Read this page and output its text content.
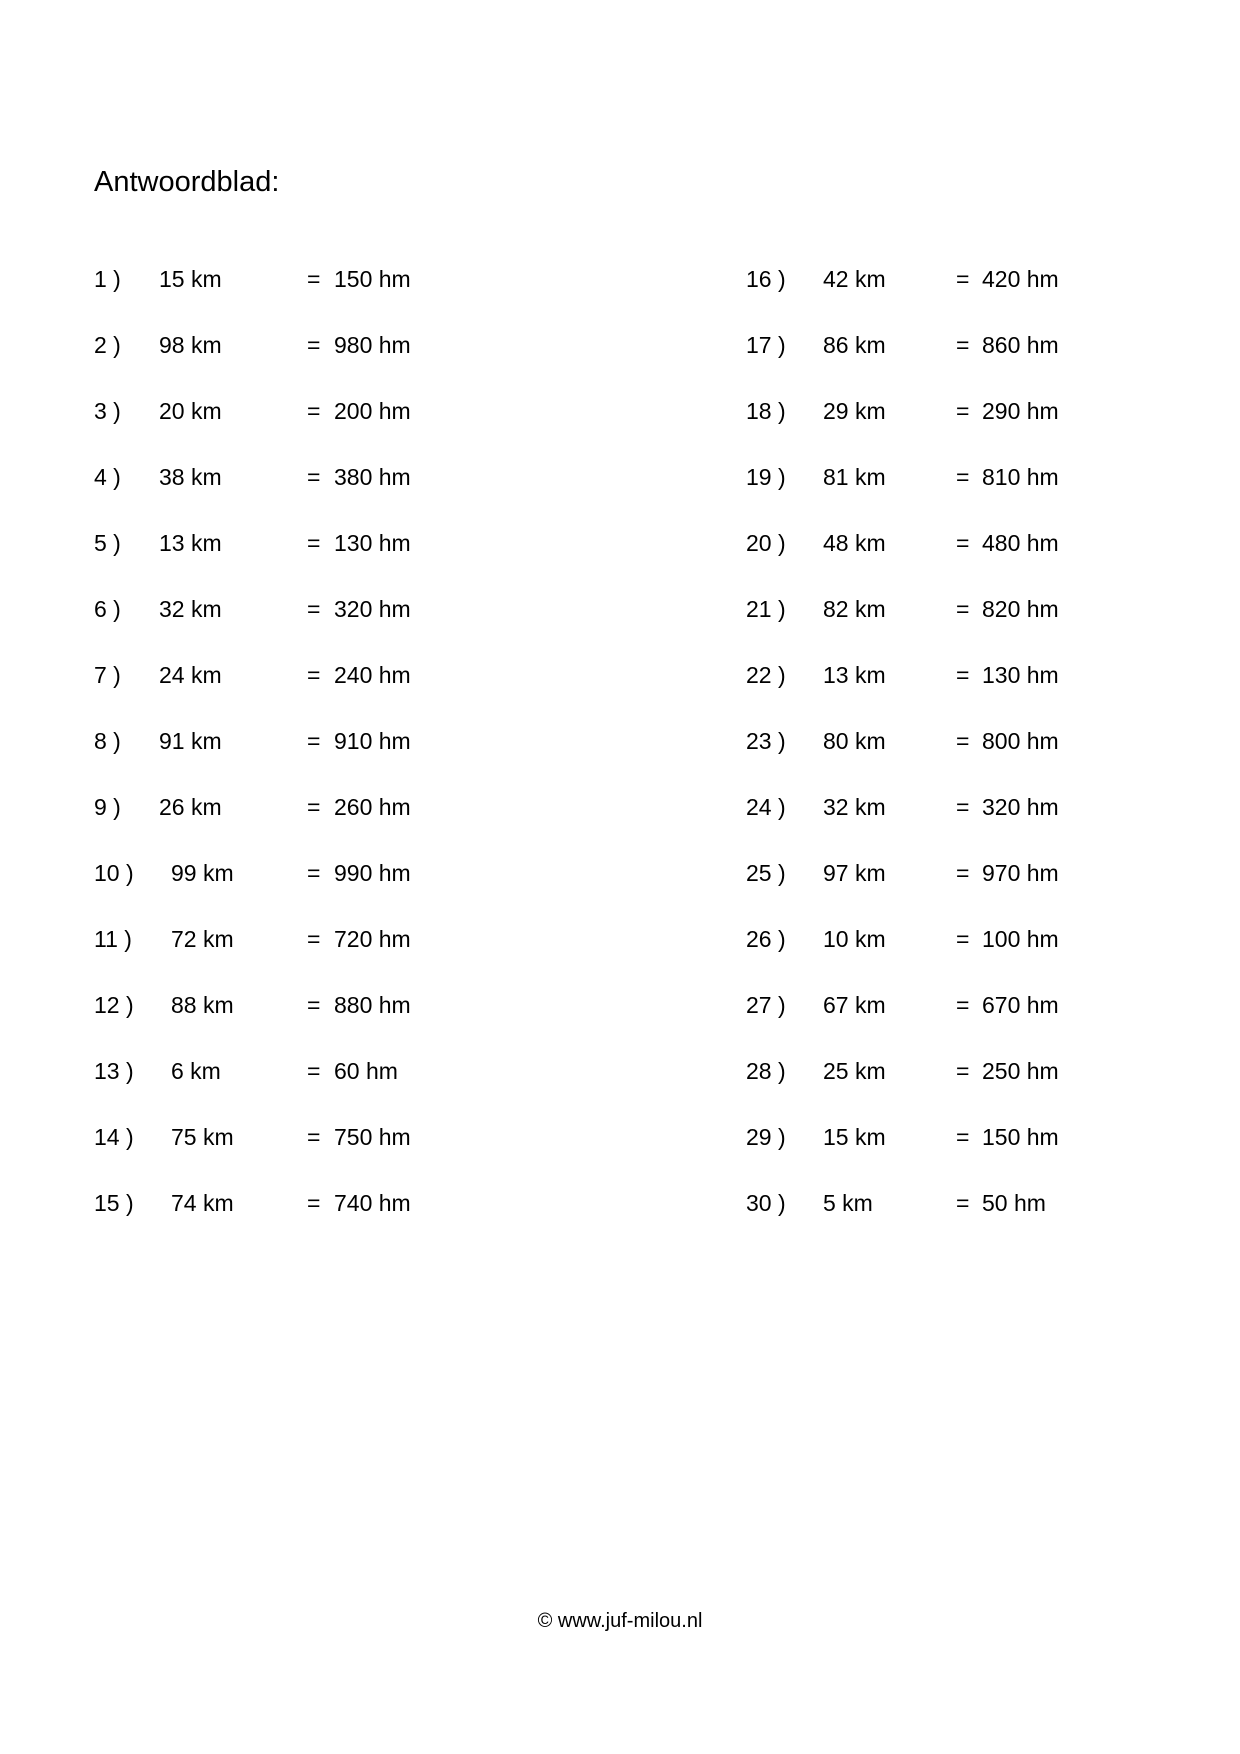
Antwoordblad:
1 ) 15 km	= 150 hm
2 ) 98 km	= 980 hm
3 ) 20 km	= 200 hm
4 ) 38 km	= 380 hm
5 ) 13 km	= 130 hm
6 ) 32 km	= 320 hm
7 ) 24 km	= 240 hm
8 ) 91 km	= 910 hm
9 ) 26 km	= 260 hm
10 ) 99 km	= 990 hm
11 ) 72 km	= 720 hm
12 ) 88 km	= 880 hm
13 ) 6 km	= 60 hm
14 ) 75 km	= 750 hm
15 ) 74 km	= 740 hm
16 ) 42 km	= 420 hm
17 ) 86 km	= 860 hm
18 ) 29 km	= 290 hm
19 ) 81 km	= 810 hm
20 ) 48 km	= 480 hm
21 ) 82 km	= 820 hm
22 ) 13 km	= 130 hm
23 ) 80 km	= 800 hm
24 ) 32 km	= 320 hm
25 ) 97 km	= 970 hm
26 ) 10 km	= 100 hm
27 ) 67 km	= 670 hm
28 ) 25 km	= 250 hm
29 ) 15 km	= 150 hm
30 ) 5 km	= 50 hm
© www.juf-milou.nl
